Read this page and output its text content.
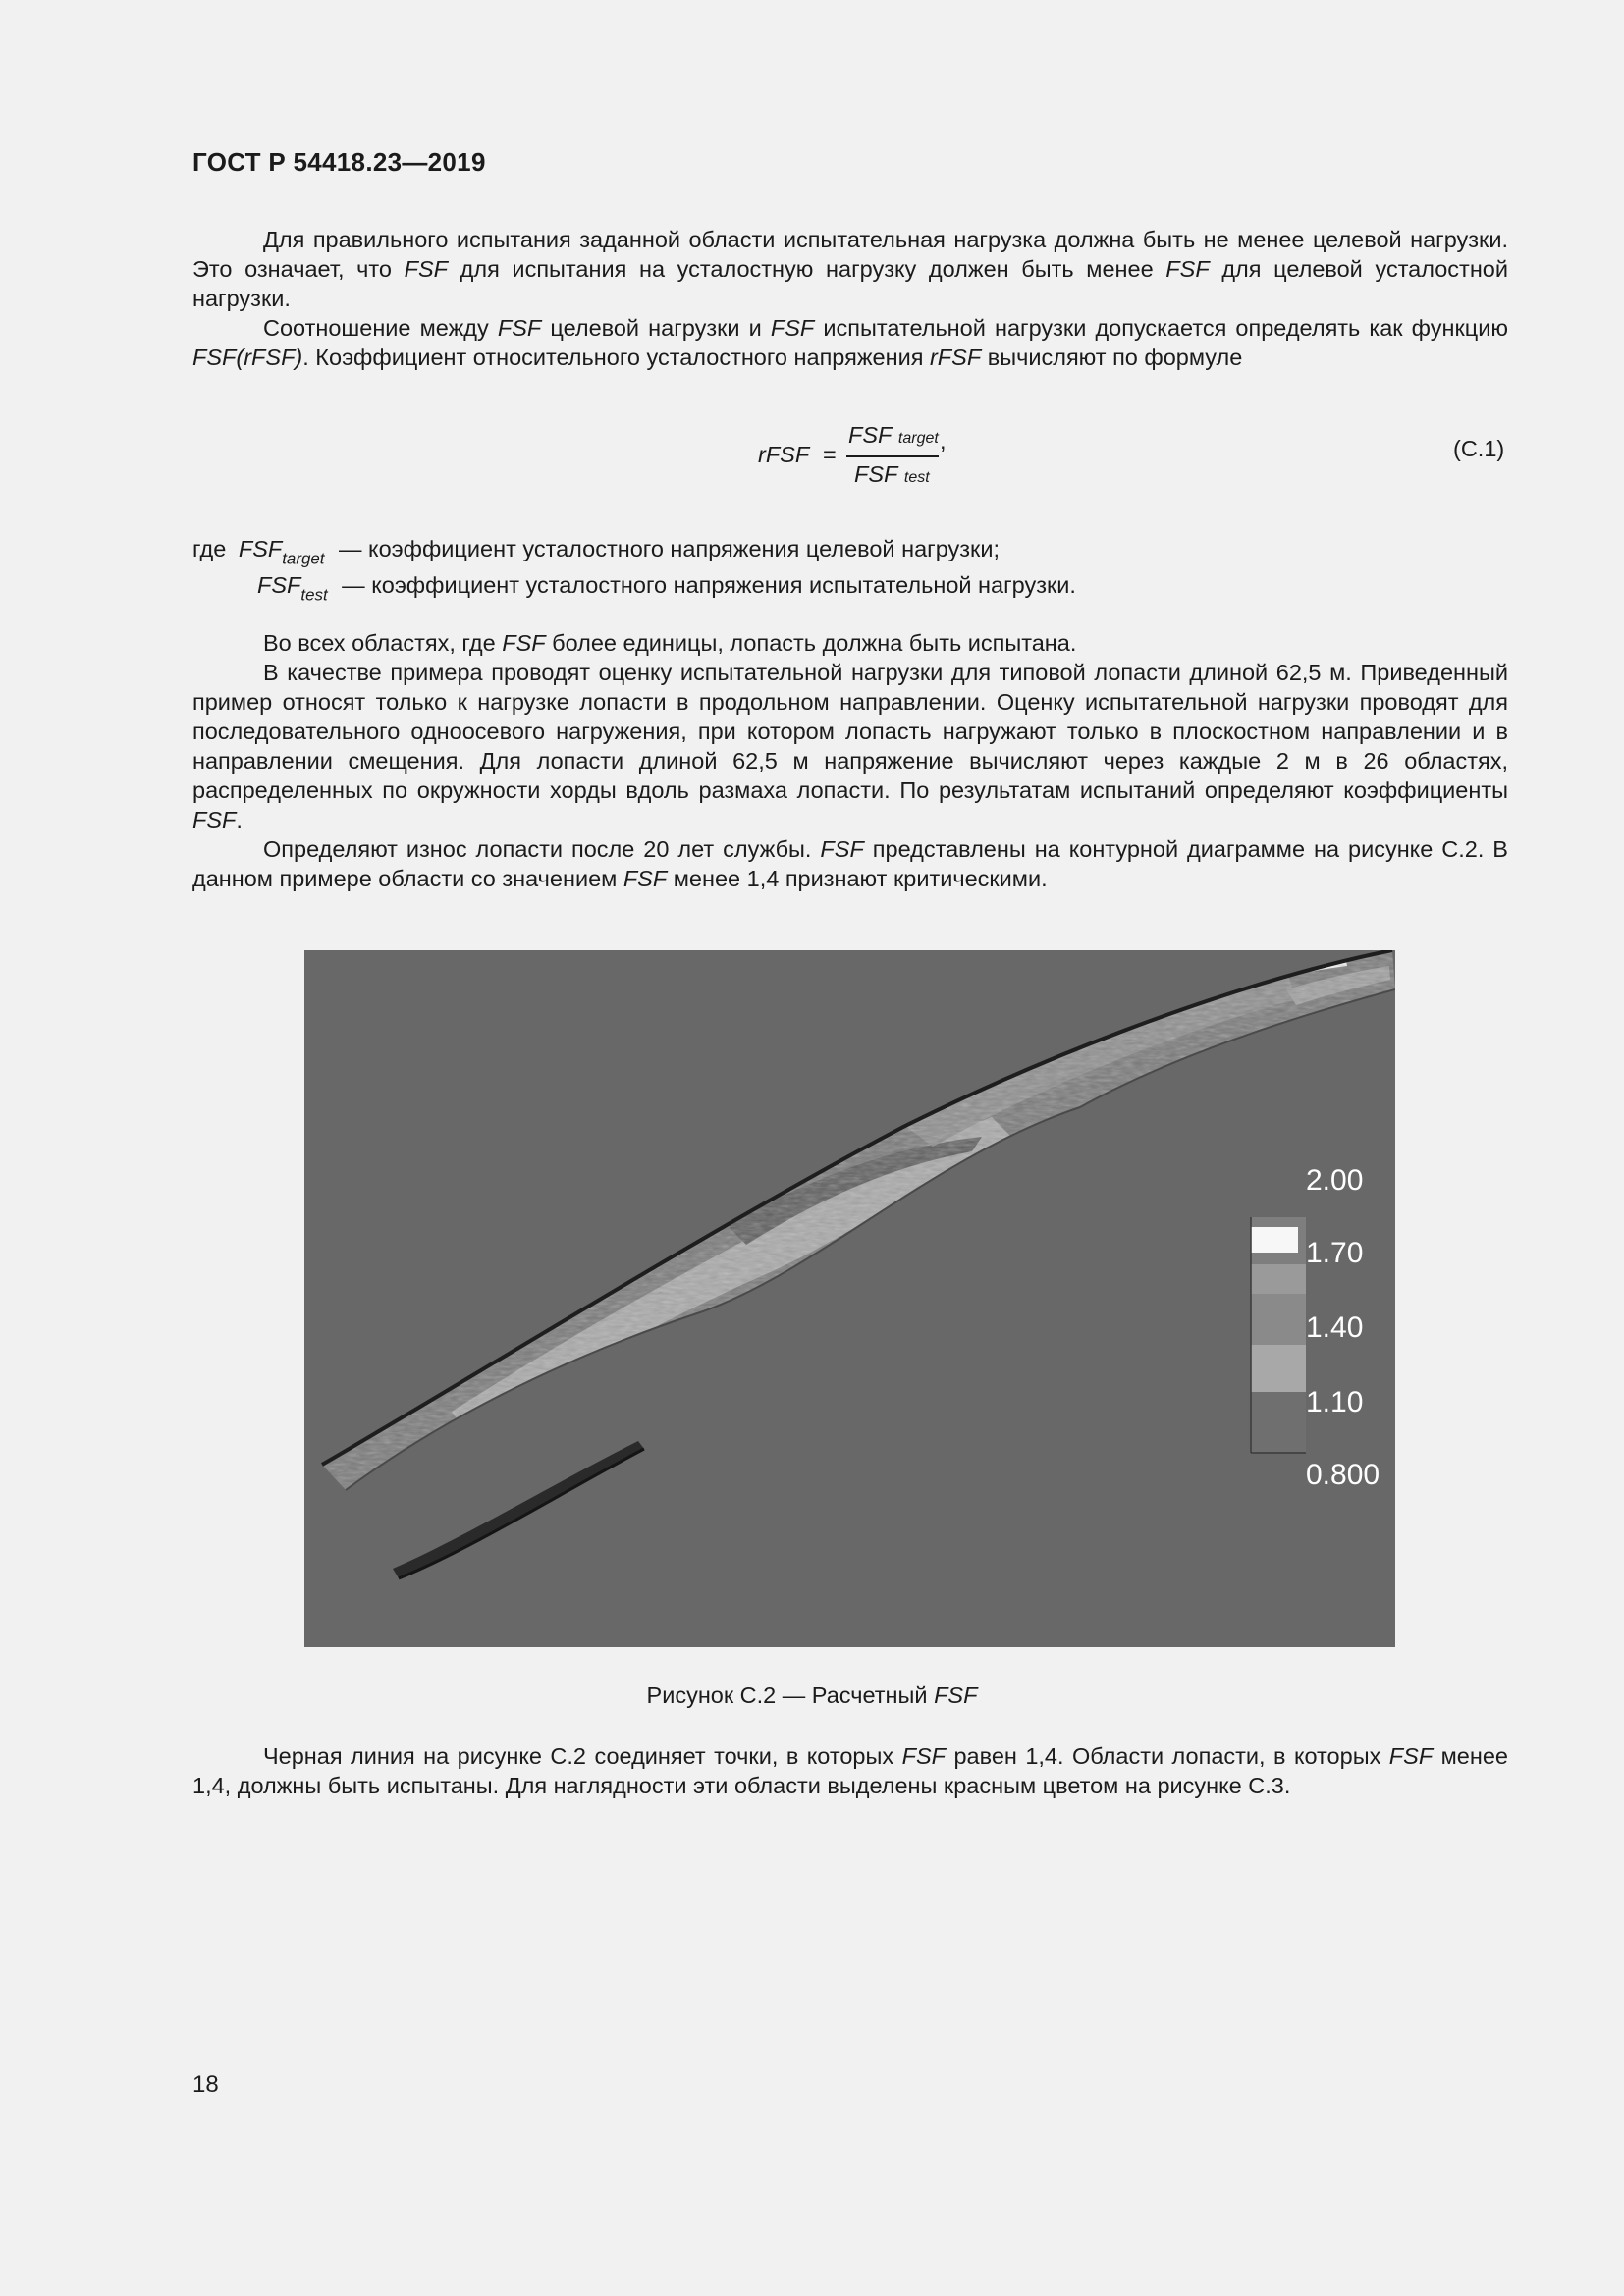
ГОСТ Р 54418.23—2019

Для правильного испытания заданной области испытательная нагрузка должна быть не менее целевой нагрузки. Это означает, что FSF для испытания на усталостную нагрузку должен быть менее FSF для целевой усталостной нагрузки.

Соотношение между FSF целевой нагрузки и FSF испытательной нагрузки допускается определять как функцию FSF(rFSF). Коэффициент относительного усталостного напряжения rFSF вычисляют по формуле

rFSF =
FSF target ,
FSF test
(С.1)
где $FSF_{target}$ — коэффициент усталостного напряжения целевой нагрузки;
$FSF_{test}$ — коэффициент усталостного напряжения испытательной нагрузки.

Во всех областях, где FSF более единицы, лопасть должна быть испытана.

В качестве примера проводят оценку испытательной нагрузки для типовой лопасти длиной 62,5 м. Приведенный пример относят только к нагрузке лопасти в продольном направлении. Оценку испытательной нагрузки проводят для последовательного одноосевого нагружения, при котором лопасть нагружают только в плоскостном направлении и в направлении смещения. Для лопасти длиной 62,5 м напряжение вычисляют через каждые 2 м в 26 областях, распределенных по окружности хорды вдоль размаха лопасти. По результатам испытаний определяют коэффициенты FSF.

Определяют износ лопасти после 20 лет службы. FSF представлены на контурной диаграмме на рисунке С.2. В данном примере области со значением FSF менее 1,4 признают критическими.

2.00
1.70
1.40
1.10
0.800
Рисунок С.2 — Расчетный FSF

Черная линия на рисунке С.2 соединяет точки, в которых FSF равен 1,4. Области лопасти, в которых FSF менее 1,4, должны быть испытаны. Для наглядности эти области выделены красным цветом на рисунке С.3.

18
